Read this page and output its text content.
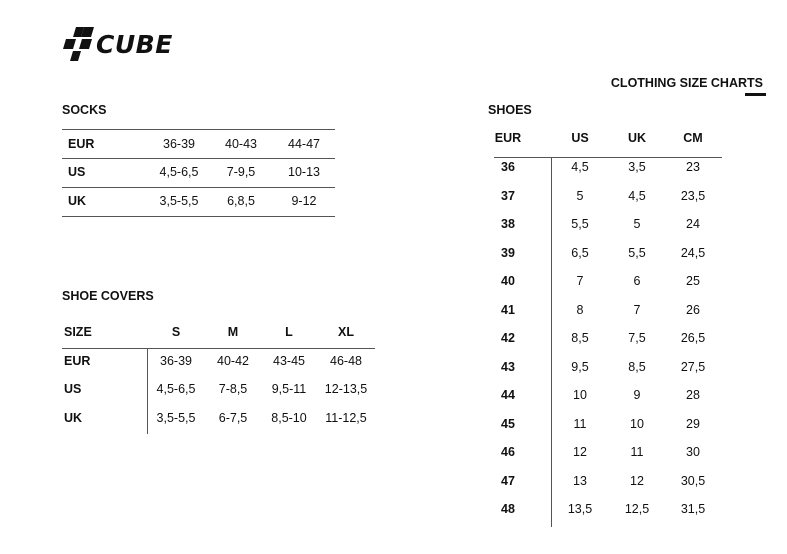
CUBE
CLOTHING SIZE CHARTS
SOCKS
EUR	36-39	40-43	44-47
US	4,5-6,5	7-9,5	10-13
UK	3,5-5,5	6,8,5	9-12
SHOE COVERS
SIZE	S	M	L	XL
EUR	36-39	40-42	43-45	46-48
US	4,5-6,5	7-8,5	9,5-11	12-13,5
UK	3,5-5,5	6-7,5	8,5-10	11-12,5
SHOES
EUR	US	UK	CM
36	4,5	3,5	23
37	5	4,5	23,5
38	5,5	5	24
39	6,5	5,5	24,5
40	7	6	25
41	8	7	26
42	8,5	7,5	26,5
43	9,5	8,5	27,5
44	10	9	28
45	11	10	29
46	12	11	30
47	13	12	30,5
48	13,5	12,5	31,5
